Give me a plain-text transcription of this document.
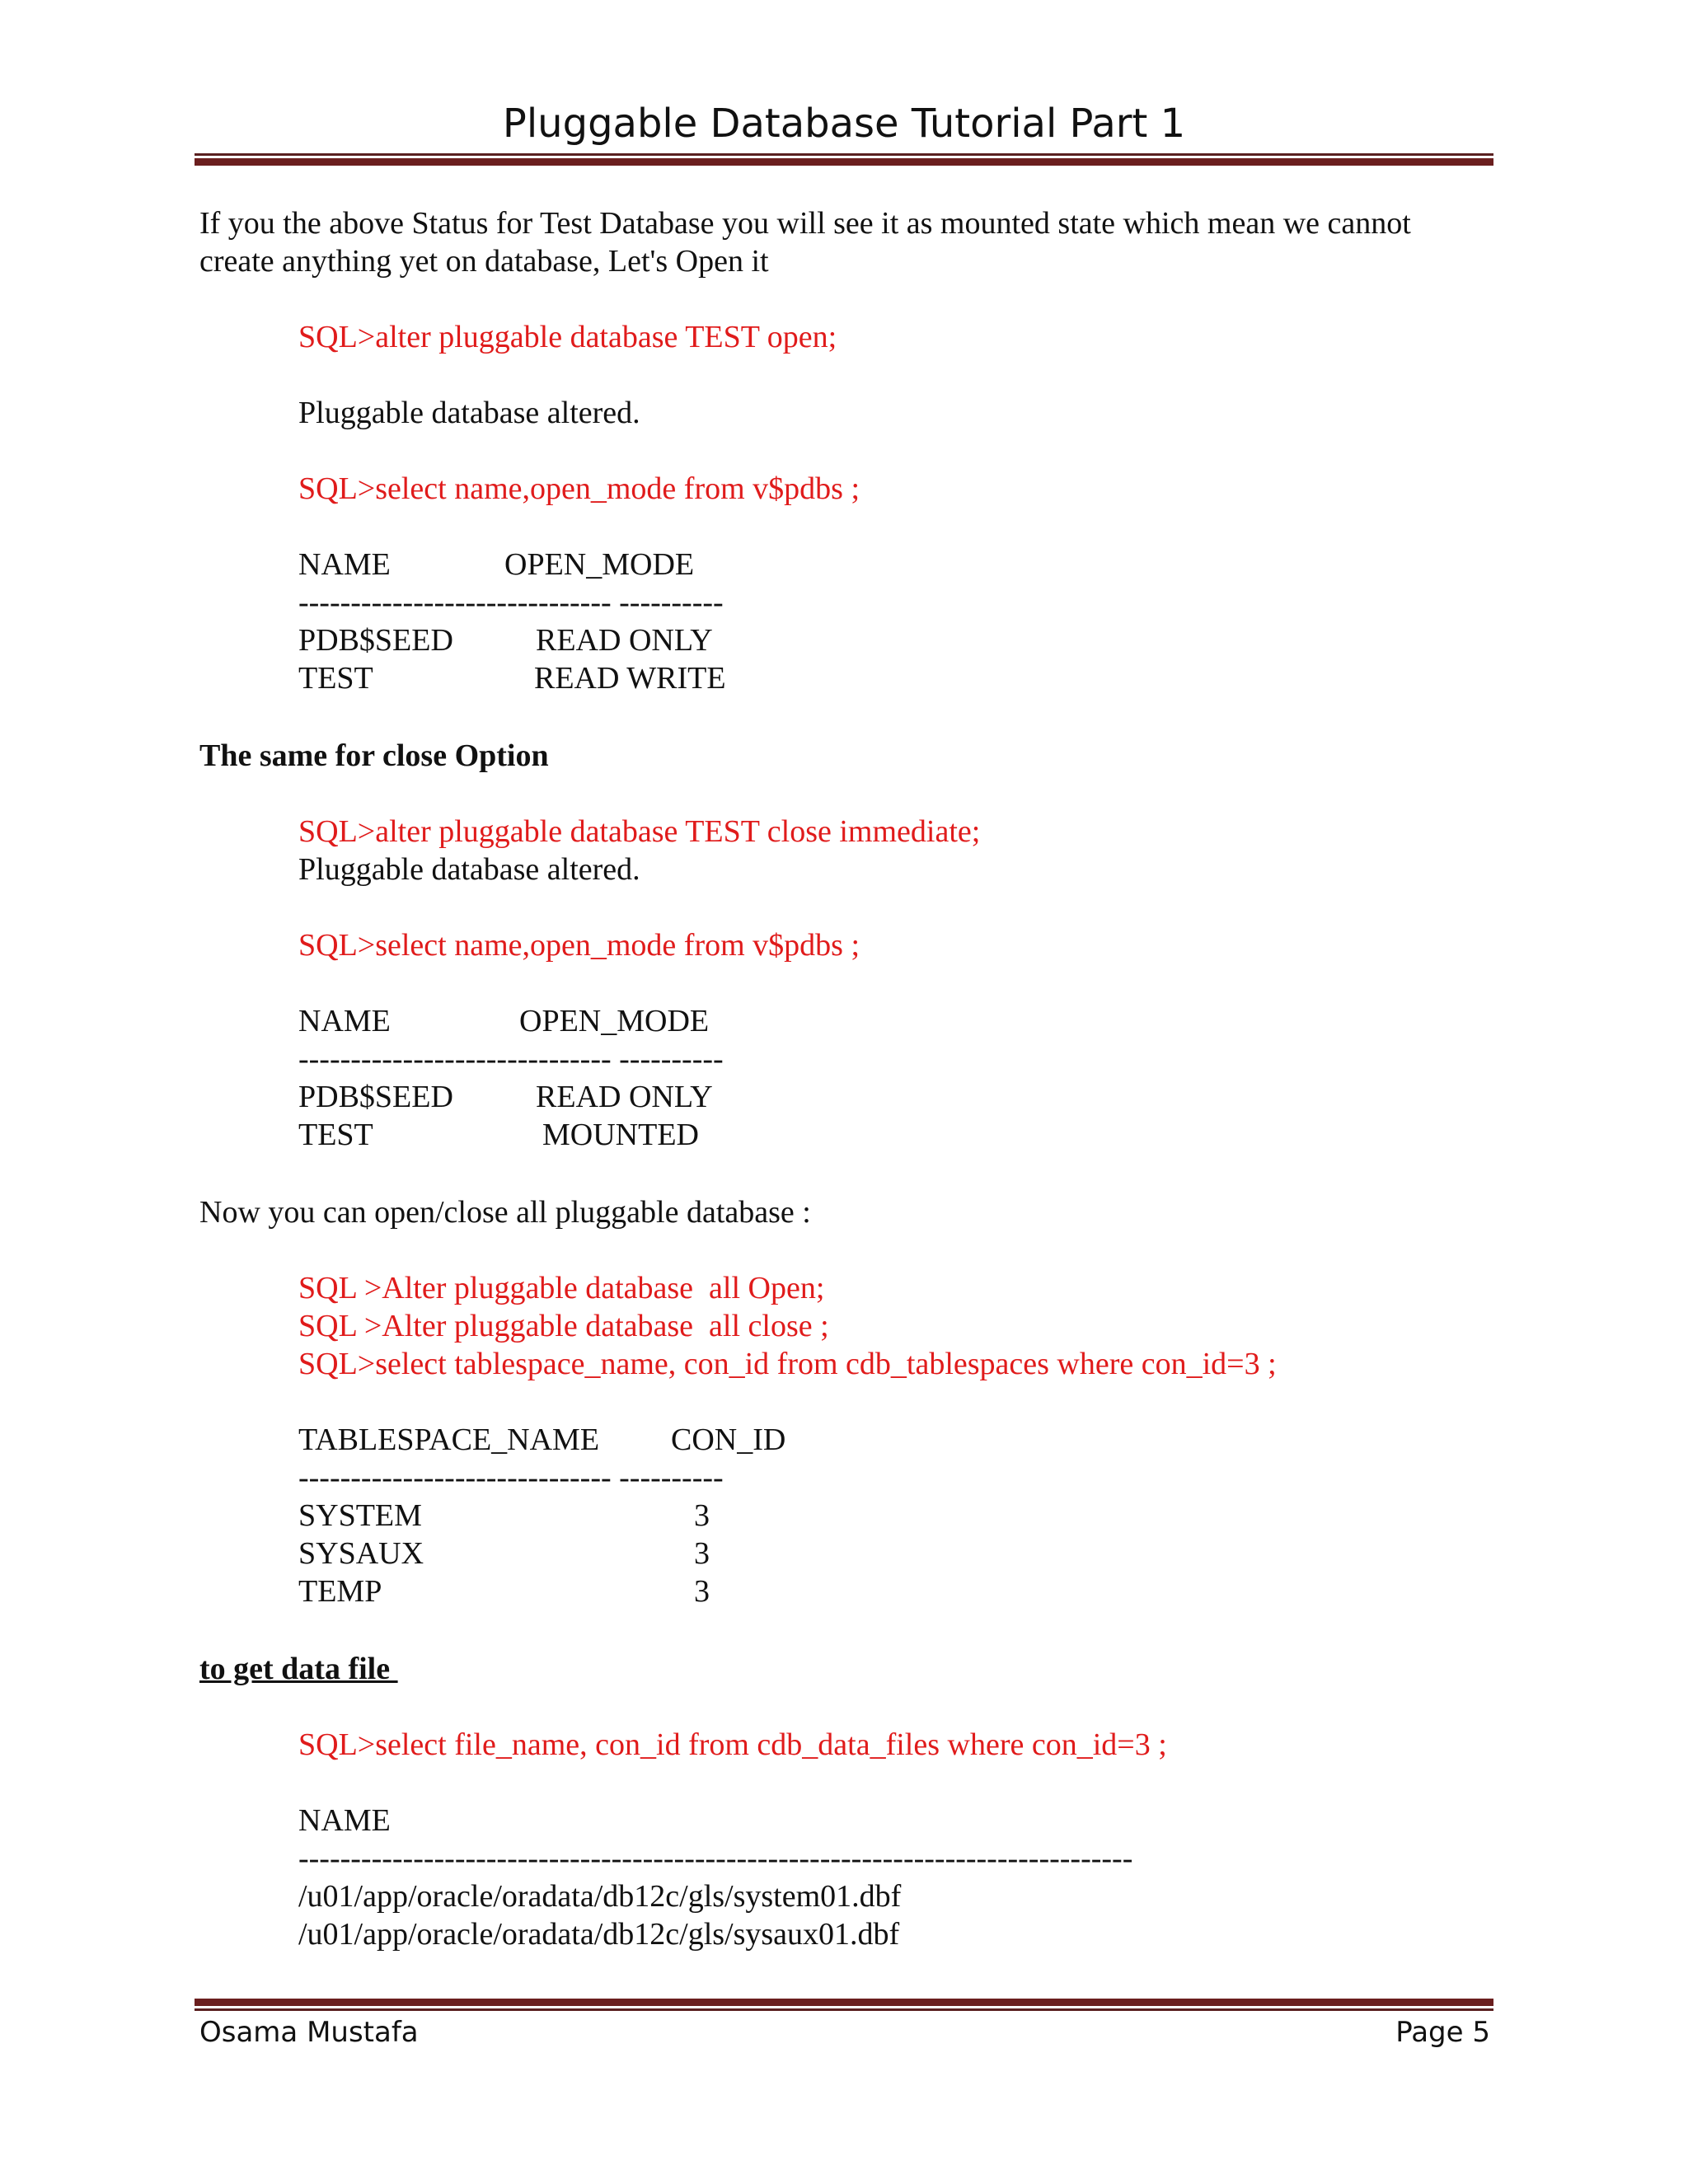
Pluggable Database Tutorial Part 1
If you the above Status for Test Database you will see it as mounted state which mean we cannot
create anything yet on database, Let's Open it
SQL>alter pluggable database TEST open;
Pluggable database altered.
SQL>select name,open_mode from v$pdbs ;
NAME	OPEN_MODE
------------------------------ ----------
PDB$SEED	READ ONLY
TEST	READ WRITE
The same for close Option
SQL>alter pluggable database TEST close immediate;
Pluggable database altered.
SQL>select name,open_mode from v$pdbs ;
NAME	OPEN_MODE
------------------------------ ----------
PDB$SEED	READ ONLY
TEST	MOUNTED
Now you can open/close all pluggable database :
SQL >Alter pluggable database  all Open;
SQL >Alter pluggable database  all close ;
SQL>select tablespace_name, con_id from cdb_tablespaces where con_id=3 ;
TABLESPACE_NAME CON_ID
------------------------------ ----------
SYSTEM	3
SYSAUX	3
TEMP	3
to get data file
SQL>select file_name, con_id from cdb_data_files where con_id=3 ;
NAME
--------------------------------------------------------------------------------
/u01/app/oracle/oradata/db12c/gls/system01.dbf
/u01/app/oracle/oradata/db12c/gls/sysaux01.dbf
Osama Mustafa	Page 5
